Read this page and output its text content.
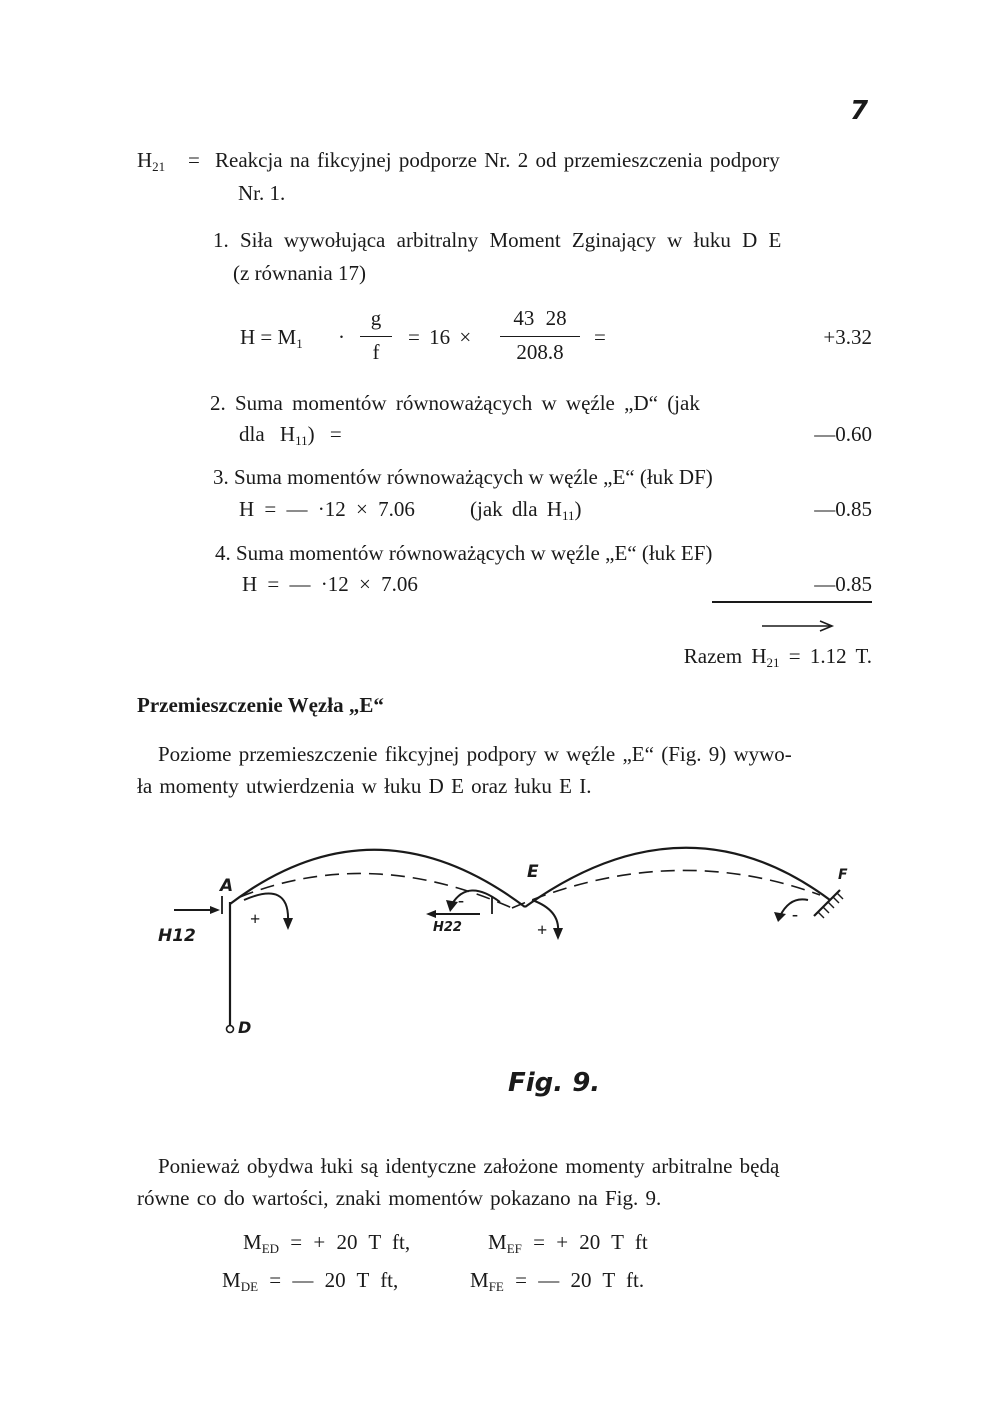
7
$H_{21}$ = Reakcja na fikcyjnej podporze Nr. 2 od przemieszczenia podpory
Nr. 1.
1. Siła wywołująca arbitralny Moment Zginający w łuku D E
(z równania 17)
$H = M_1$ ·
g
f
= 16 ×
43 28
208.8
=	+3.32
2. Suma momentów równoważących w węźle „D“ (jak
dla $H_{11}$) =	—0.60
3. Suma momentów równoważących w węźle „E“ (łuk DF)
H = — ·12 × 7.06	(jak dla $H_{11}$)	—0.85
4. Suma momentów równoważących w węźle „E“ (łuk EF)
H = — ·12 × 7.06	—0.85
Razem $H_{21} = 1.12$ T.
Przemieszczenie Węzła „E“
Poziome przemieszczenie fikcyjnej podpory w węźle „E“ (Fig. 9) wywo-
ła momenty utwierdzenia w łuku D E oraz łuku E I.
A
E	F
D
H12	H22
+
-
+
-
Fig. 9.
Ponieważ obydwa łuki są identyczne założone momenty arbitralne będą
równe co do wartości, znaki momentów pokazano na Fig. 9.
$M_{ED}$ = + 20 T ft,	$M_{EF}$ = + 20 T ft
$M_{DE}$ = — 20 T ft,	$M_{FE}$ = — 20 T ft.
